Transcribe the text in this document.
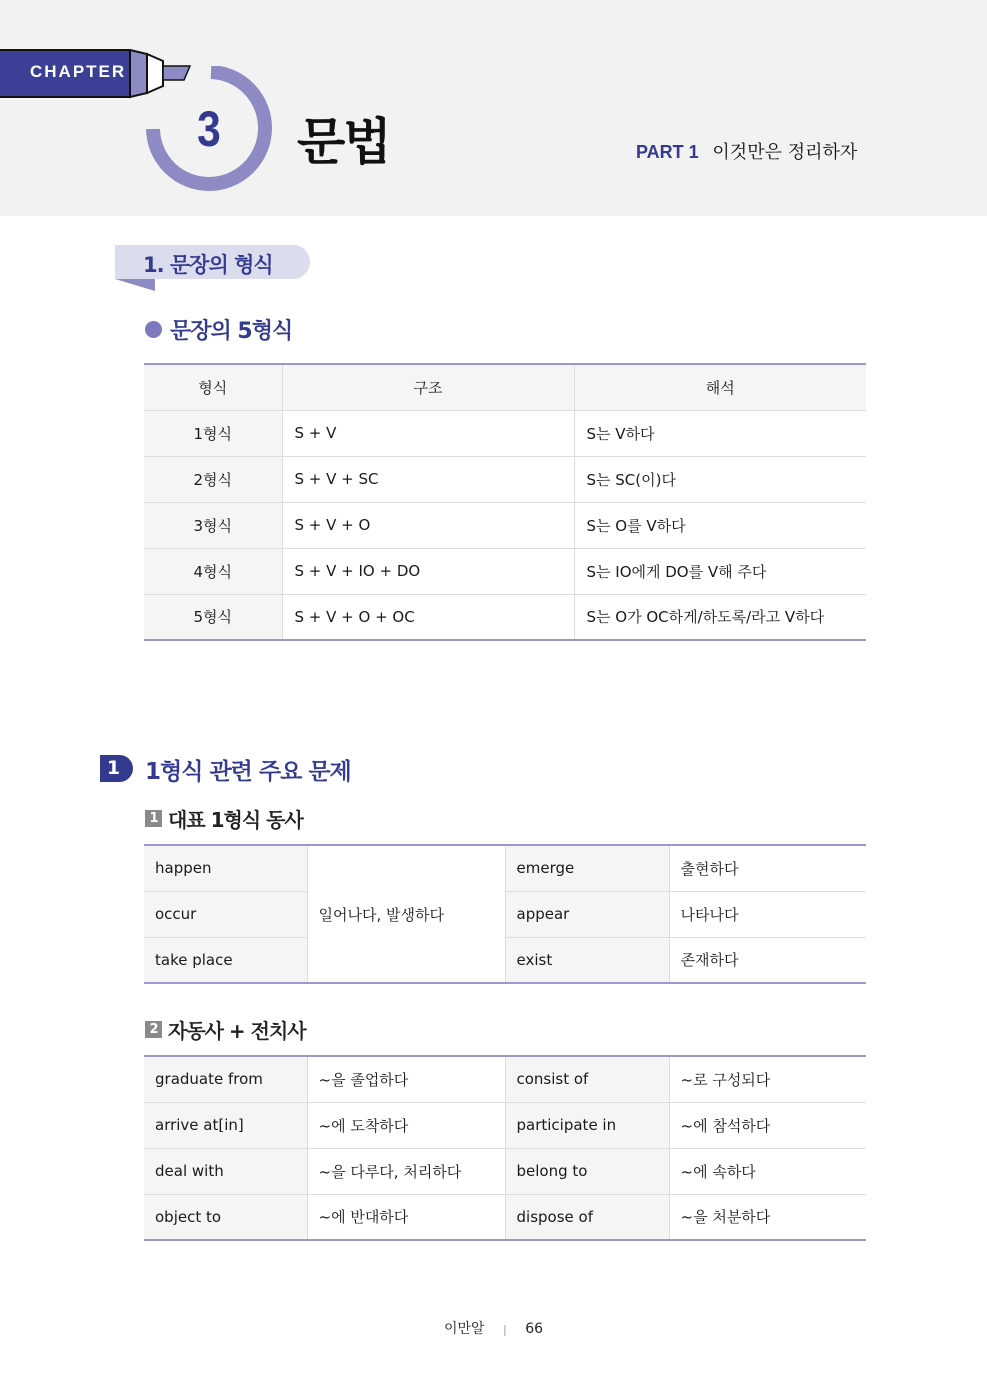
CHAPTER
3 문법	PART 1 이것만은 정리하자
1. 문장의 형식
문장의 5형식
형식	구조	해석
1형식	S + V	S는 V하다
2형식	S + V + SC	S는 SC(이)다
3형식	S + V + O	S는 O를 V하다
4형식	S + V + IO + DO	S는 IO에게 DO를 V해 주다
5형식	S + V + O + OC	S는 O가 OC하게/하도록/라고 V하다
1	1형식 관련 주요 문제
1 대표 1형식 동사
happen	일어나다, 발생하다	emerge	출현하다
occur		appear	나타나다
take place		exist	존재하다
2 자동사 + 전치사
graduate from	~을 졸업하다	consist of	~로 구성되다
arrive at[in]	~에 도착하다	participate in	~에 참석하다
deal with	~을 다루다, 처리하다	belong to	~에 속하다
object to	~에 반대하다	dispose of	~을 처분하다
이만알 | 66
